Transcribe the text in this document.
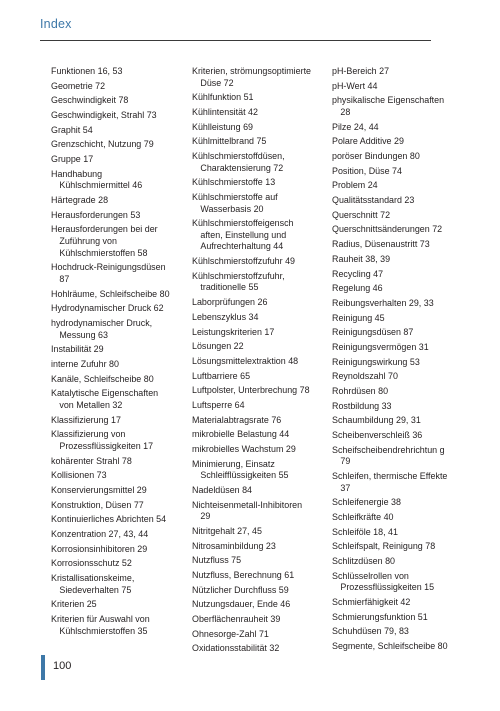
Index
Funktionen 16, 53
Geometrie 72
Geschwindigkeit 78
Geschwindigkeit, Strahl 73
Graphit 54
Grenzschicht, Nutzung 79
Gruppe 17
Handhabung Kühlschmiermittel 46
Härtegrade 28
Herausforderungen 53
Herausforderungen bei der Zuführung von Kühlschmierstoffen 58
Hochdruck-Reinigungsdüsen 87
Hohlräume, Schleifscheibe 80
Hydrodynamischer Druck 62
hydrodynamischer Druck, Messung 63
Instabilität 29
interne Zufuhr 80
Kanäle, Schleifscheibe 80
Katalytische Eigenschaften von Metallen 32
Klassifizierung 17
Klassifizierung von Prozessflüssigkeiten 17
kohärenter Strahl 78
Kollisionen 73
Konservierungsmittel 29
Konstruktion, Düsen 77
Kontinuierliches Abrichten 54
Konzentration 27, 43, 44
Korrosionsinhibitoren 29
Korrosionsschutz 52
Kristallisationskeime, Siedeverhalten 75
Kriterien 25
Kriterien für Auswahl von Kühlschmierstoffen 35
Kriterien, strömungsoptimierte Düse 72
Kühlfunktion 51
Kühlintensität 42
Kühlleistung 69
Kühlmittelbrand 75
Kühlschmierstoffdüsen, Charaktensierung 72
Kühlschmierstoffe 13
Kühlschmierstoffe auf Wasserbasis 20
Kühlschmierstoffeigensch aften, Einstellung und Aufrechterhaltung 44
Kühlschmierstoffzufuhr 49
Kühlschmierstoffzufuhr, traditionelle 55
Laborprüfungen 26
Lebenszyklus 34
Leistungskriterien 17
Lösungen 22
Lösungsmittelextraktion 48
Luftbarriere 65
Luftpolster, Unterbrechung 78
Luftsperre 64
Materialabtragsrate 76
mikrobielle Belastung 44
mikrobielles Wachstum 29
Minimierung, Einsatz Schleifflüssigkeiten 55
Nadeldüsen 84
Nichteisenmetall-Inhibitoren 29
Nitritgehalt 27, 45
Nitrosaminbildung 23
Nutzfluss 75
Nutzfluss, Berechnung 61
Nützlicher Durchfluss 59
Nutzungsdauer, Ende 46
Oberflächenrauheit 39
Ohnesorge-Zahl 71
Oxidationsstabilität 32
pH-Bereich 27
pH-Wert 44
physikalische Eigenschaften 28
Pilze 24, 44
Polare Additive 29
poröser Bindungen 80
Position, Düse 74
Problem 24
Qualitätsstandard 23
Querschnitt 72
Querschnittsänderungen 72
Radius, Düsenaustritt 73
Rauheit 38, 39
Recycling 47
Regelung 46
Reibungsverhalten 29, 33
Reinigung 45
Reinigungsdüsen 87
Reinigungsvermögen 31
Reinigungswirkung 53
Reynoldszahl 70
Rohrdüsen 80
Rostbildung 33
Schaumbildung 29, 31
Scheibenverschleiß 36
Scheifscheibendrehrichtun g 79
Schleifen, thermische Effekte 37
Schleifenergie 38
Schleifkräfte 40
Schleiföle 18, 41
Schleifspalt, Reinigung 78
Schlitzdüsen 80
Schlüsselrollen von Prozessflüssigkeiten 15
Schmierfähigkeit 42
Schmierungsfunktion 51
Schuhdüsen 79, 83
Segmente, Schleifscheibe 80
100
